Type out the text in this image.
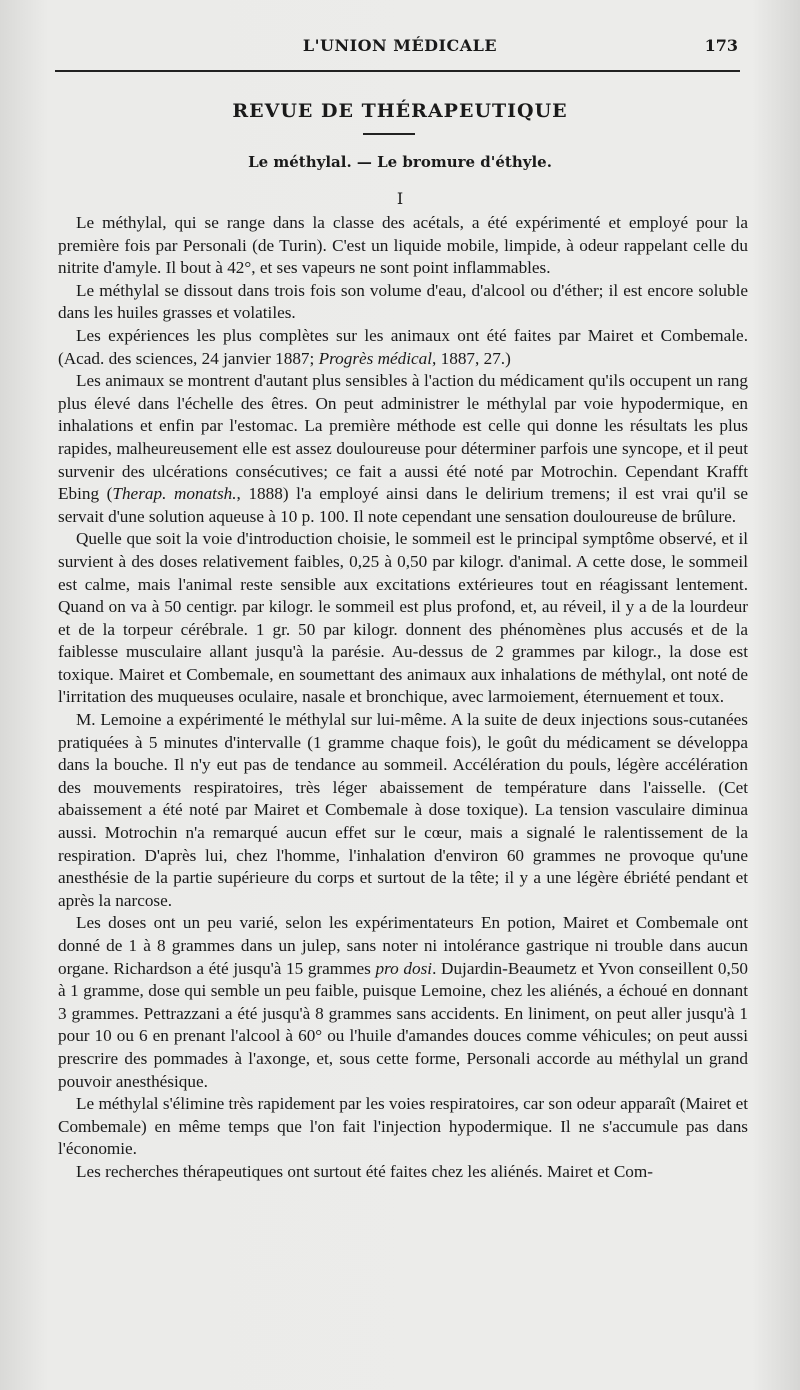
L'UNION MÉDICALE	173
REVUE DE THÉRAPEUTIQUE
Le méthylal. — Le bromure d'éthyle.
I

Le méthylal, qui se range dans la classe des acétals, a été expérimenté et employé pour la première fois par Personali (de Turin). C'est un liquide mobile, limpide, à odeur rappelant celle du nitrite d'amyle. Il bout à 42°, et ses vapeurs ne sont point inflammables.

Le méthylal se dissout dans trois fois son volume d'eau, d'alcool ou d'éther; il est encore soluble dans les huiles grasses et volatiles.

Les expériences les plus complètes sur les animaux ont été faites par Mairet et Combemale. (Acad. des sciences, 24 janvier 1887; Progrès médical, 1887, 27.)

Les animaux se montrent d'autant plus sensibles à l'action du médicament qu'ils occupent un rang plus élevé dans l'échelle des êtres. On peut administrer le méthylal par voie hypodermique, en inhalations et enfin par l'estomac. La première méthode est celle qui donne les résultats les plus rapides, malheureusement elle est assez douloureuse pour déterminer parfois une syncope, et il peut survenir des ulcérations consécutives; ce fait a aussi été noté par Motrochin. Cependant Krafft Ebing (Therap. monatsh., 1888) l'a employé ainsi dans le delirium tremens; il est vrai qu'il se servait d'une solution aqueuse à 10 p. 100. Il note cependant une sensation douloureuse de brûlure.

Quelle que soit la voie d'introduction choisie, le sommeil est le principal symptôme observé, et il survient à des doses relativement faibles, 0,25 à 0,50 par kilogr. d'animal. A cette dose, le sommeil est calme, mais l'animal reste sensible aux excitations extérieures tout en réagissant lentement. Quand on va à 50 centigr. par kilogr. le sommeil est plus profond, et, au réveil, il y a de la lourdeur et de la torpeur cérébrale. 1 gr. 50 par kilogr. donnent des phénomènes plus accusés et de la faiblesse musculaire allant jusqu'à la parésie. Au-dessus de 2 grammes par kilogr., la dose est toxique. Mairet et Combemale, en soumettant des animaux aux inhalations de méthylal, ont noté de l'irritation des muqueuses oculaire, nasale et bronchique, avec larmoiement, éternuement et toux.

M. Lemoine a expérimenté le méthylal sur lui-même. A la suite de deux injections sous-cutanées pratiquées à 5 minutes d'intervalle (1 gramme chaque fois), le goût du médicament se développa dans la bouche. Il n'y eut pas de tendance au sommeil. Accélération du pouls, légère accélération des mouvements respiratoires, très léger abaissement de température dans l'aisselle. (Cet abaissement a été noté par Mairet et Combemale à dose toxique). La tension vasculaire diminua aussi. Motrochin n'a remarqué aucun effet sur le cœur, mais a signalé le ralentissement de la respiration. D'après lui, chez l'homme, l'inhalation d'environ 60 grammes ne provoque qu'une anesthésie de la partie supérieure du corps et surtout de la tête; il y a une légère ébriété pendant et après la narcose.

Les doses ont un peu varié, selon les expérimentateurs En potion, Mairet et Combemale ont donné de 1 à 8 grammes dans un julep, sans noter ni intolérance gastrique ni trouble dans aucun organe. Richardson a été jusqu'à 15 grammes pro dosi. Dujardin-Beaumetz et Yvon conseillent 0,50 à 1 gramme, dose qui semble un peu faible, puisque Lemoine, chez les aliénés, a échoué en donnant 3 grammes. Pettrazzani a été jusqu'à 8 grammes sans accidents. En liniment, on peut aller jusqu'à 1 pour 10 ou 6 en prenant l'alcool à 60° ou l'huile d'amandes douces comme véhicules; on peut aussi prescrire des pommades à l'axonge, et, sous cette forme, Personali accorde au méthylal un grand pouvoir anesthésique.

Le méthylal s'élimine très rapidement par les voies respiratoires, car son odeur apparaît (Mairet et Combemale) en même temps que l'on fait l'injection hypodermique. Il ne s'accumule pas dans l'économie.

Les recherches thérapeutiques ont surtout été faites chez les aliénés. Mairet et Com-
